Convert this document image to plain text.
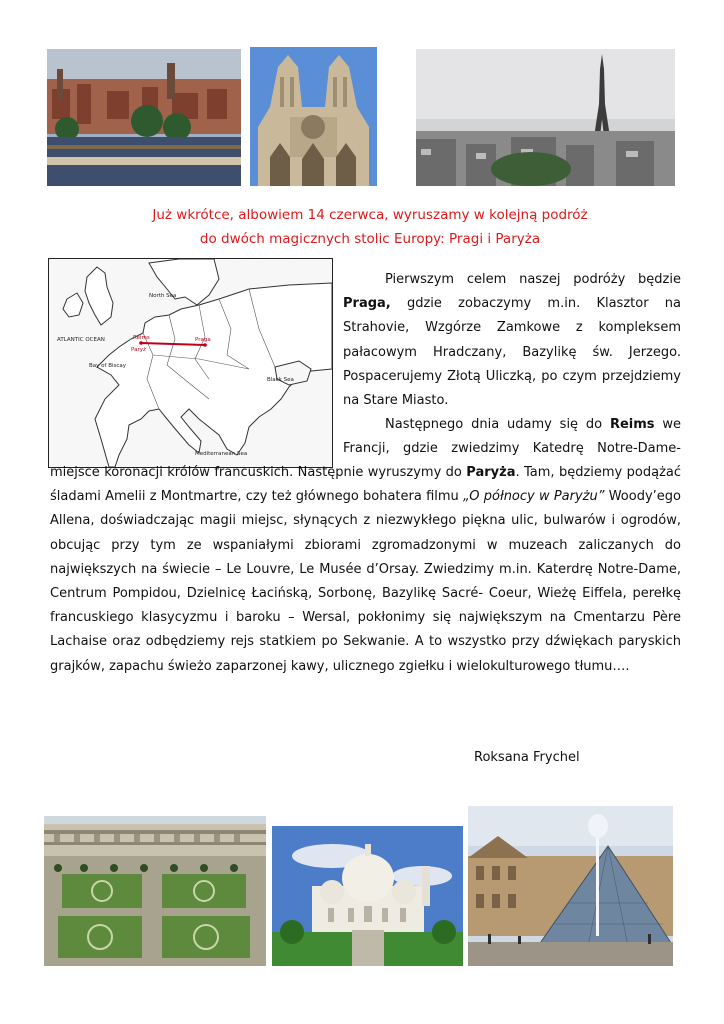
Już wkrótce, albowiem 14 czerwca, wyruszamy w kolejną podróż
do dwóch magicznych stolic Europy: Pragi i Paryża
North Sea
ATLANTIC OCEAN
Bay of Biscay
Black Sea
Mediterranean Sea
Reims
Paryż
Praga

Pierwszym celem naszej podróży będzie Praga, gdzie zobaczymy m.in. Klasztor na Strahovie, Wzgórze Zamkowe z kompleksem pałacowym Hradczany, Bazylikę św. Jerzego. Pospacerujemy Złotą Uliczką, po czym przejdziemy na Stare Miasto.

Następnego dnia udamy się do Reims we Francji, gdzie zwiedzimy Katedrę Notre-Dame-

miejsce koronacji królów francuskich. Następnie wyruszymy do Paryża. Tam, będziemy podążać śladami Amelii z Montmartre, czy też głównego bohatera filmu „O północy w Paryżu” Woody’ego Allena, doświadczając magii miejsc, słynących z niezwykłego piękna ulic, bulwarów i ogrodów, obcując przy tym ze wspaniałymi zbiorami zgromadzonymi w muzeach zaliczanych do największych na świecie – Le Louvre, Le Musée d’Orsay. Zwiedzimy m.in. Katerdrę Notre-Dame, Centrum Pompidou, Dzielnicę Łacińską, Sorbonę, Bazylikę Sacré- Coeur, Wieżę Eiffela, perełkę francuskiego klasycyzmu i baroku – Wersal, pokłonimy się największym na Cmentarzu Père Lachaise oraz odbędziemy rejs statkiem po Sekwanie. A to wszystko przy dźwiękach paryskich grajków, zapachu świeżo zaparzonej kawy, ulicznego zgiełku i wielokulturowego tłumu….

Roksana Frychel
